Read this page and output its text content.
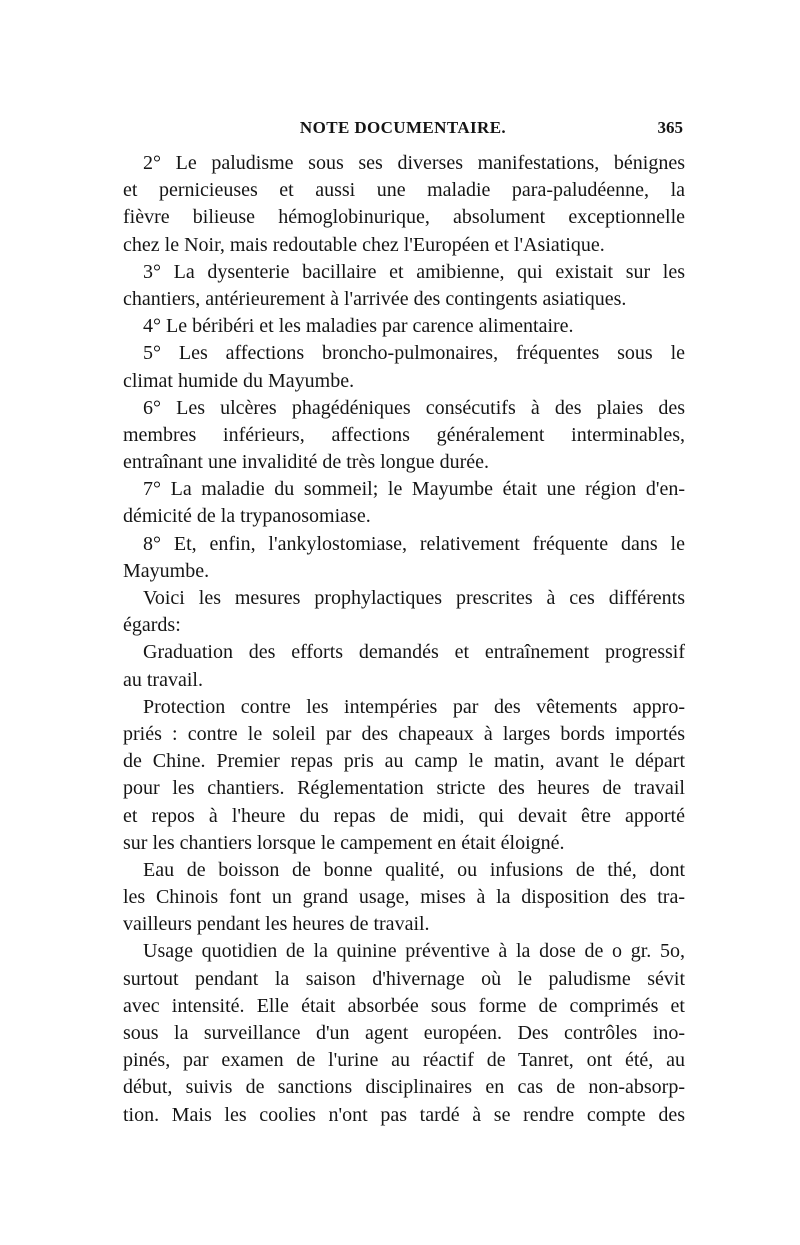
NOTE DOCUMENTAIRE.	365
2° Le paludisme sous ses diverses manifestations, bénignes
et pernicieuses et aussi une maladie para-paludéenne, la
fièvre bilieuse hémoglobinurique, absolument exceptionnelle
chez le Noir, mais redoutable chez l'Européen et l'Asiatique.
3° La dysenterie bacillaire et amibienne, qui existait sur les
chantiers, antérieurement à l'arrivée des contingents asiatiques.
4° Le béribéri et les maladies par carence alimentaire.
5° Les affections broncho-pulmonaires, fréquentes sous le
climat humide du Mayumbe.
6° Les ulcères phagédéniques consécutifs à des plaies des
membres inférieurs, affections généralement interminables,
entraînant une invalidité de très longue durée.
7° La maladie du sommeil; le Mayumbe était une région d'en-
démicité de la trypanosomiase.
8° Et, enfin, l'ankylostomiase, relativement fréquente dans le
Mayumbe.
Voici les mesures prophylactiques prescrites à ces différents
égards:
Graduation des efforts demandés et entraînement progressif
au travail.
Protection contre les intempéries par des vêtements appro-
priés : contre le soleil par des chapeaux à larges bords importés
de Chine. Premier repas pris au camp le matin, avant le départ
pour les chantiers. Réglementation stricte des heures de travail
et repos à l'heure du repas de midi, qui devait être apporté
sur les chantiers lorsque le campement en était éloigné.
Eau de boisson de bonne qualité, ou infusions de thé, dont
les Chinois font un grand usage, mises à la disposition des tra-
vailleurs pendant les heures de travail.
Usage quotidien de la quinine préventive à la dose de o gr. 5o,
surtout pendant la saison d'hivernage où le paludisme sévit
avec intensité. Elle était absorbée sous forme de comprimés et
sous la surveillance d'un agent européen. Des contrôles ino-
pinés, par examen de l'urine au réactif de Tanret, ont été, au
début, suivis de sanctions disciplinaires en cas de non-absorp-
tion. Mais les coolies n'ont pas tardé à se rendre compte des
